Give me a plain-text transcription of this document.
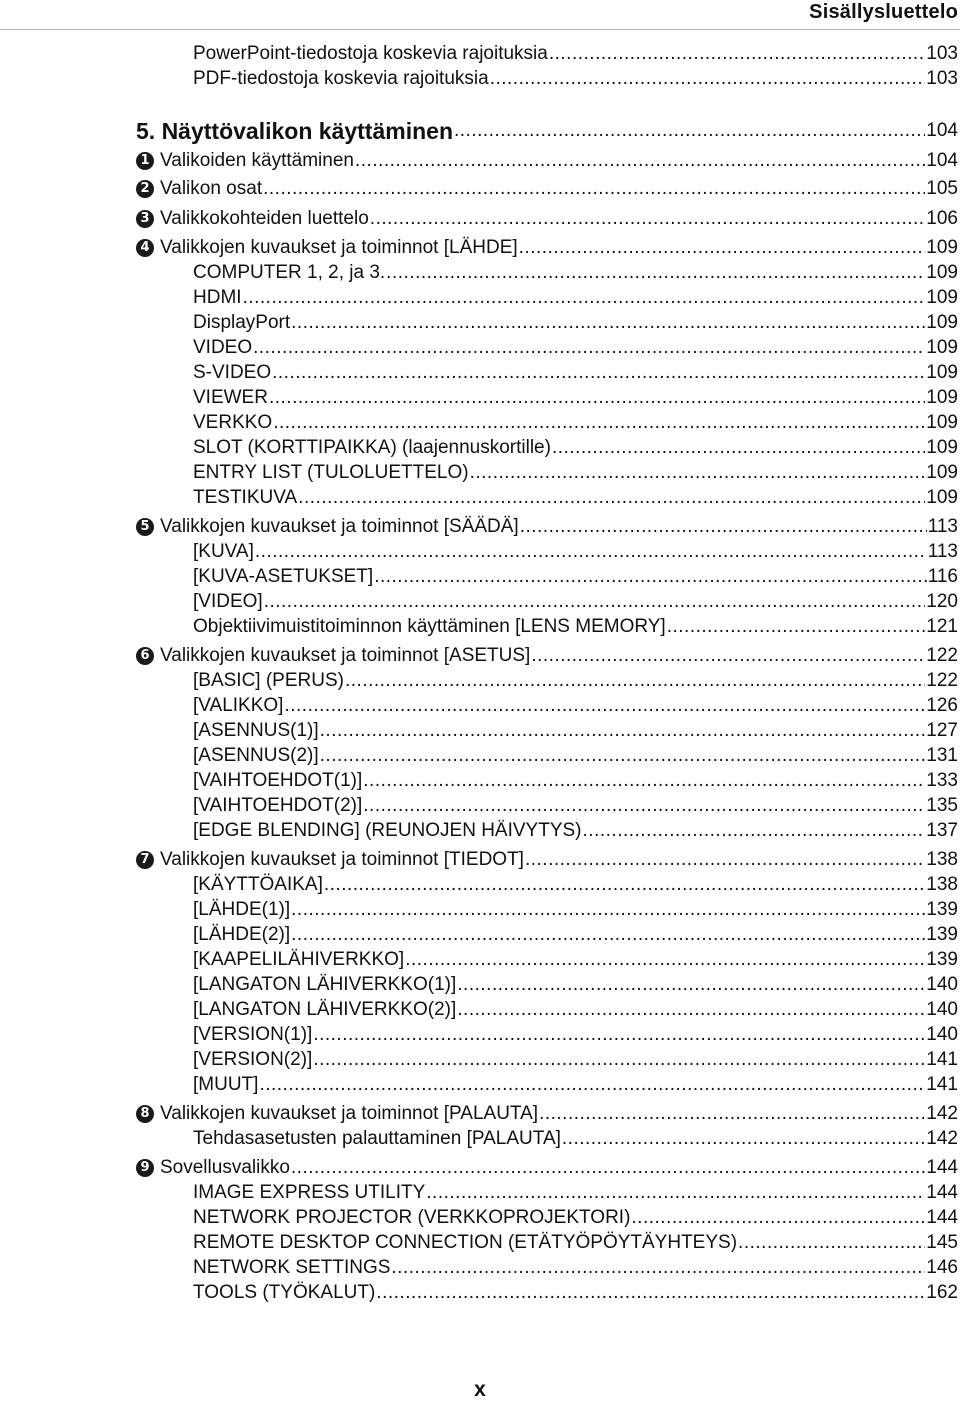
Sisällysluettelo
PowerPoint-tiedostoja koskevia rajoituksia .....	103
PDF-tiedostoja koskevia rajoituksia .....	103
5. Näyttövalikon käyttäminen .....	104
Valikoiden käyttäminen .....	104
1
Valikon osat .....	105
2
Valikkokohteiden luettelo .....	106
3
Valikkojen kuvaukset ja toiminnot [LÄHDE] .....	109
4
COMPUTER 1, 2, ja 3. .....	109
HDMI .....	109
DisplayPort .....	109
VIDEO .....	109
S-VIDEO .....	109
VIEWER .....	109
VERKKO .....	109
SLOT (KORTTIPAIKKA) (laajennuskortille) .....	109
ENTRY LIST (TULOLUETTELO) .....	109
TESTIKUVA .....	109
Valikkojen kuvaukset ja toiminnot [SÄÄDÄ] .....	113
5
[KUVA] .....	113
[KUVA-ASETUKSET] .....	116
[VIDEO] .....	120
Objektiivimuistitoiminnon käyttäminen [LENS MEMORY] .....	121
Valikkojen kuvaukset ja toiminnot [ASETUS] .....	122
6
[BASIC] (PERUS) .....	122
[VALIKKO] .....	126
[ASENNUS(1)] .....	127
[ASENNUS(2)] .....	131
[VAIHTOEHDOT(1)] .....	133
[VAIHTOEHDOT(2)] .....	135
[EDGE BLENDING] (REUNOJEN HÄIVYTYS) .....	137
Valikkojen kuvaukset ja toiminnot [TIEDOT] .....	138
7
[KÄYTTÖAIKA] .....	138
[LÄHDE(1)] .....	139
[LÄHDE(2)] .....	139
[KAAPELILÄHIVERKKO] .....	139
[LANGATON LÄHIVERKKO(1)] .....	140
[LANGATON LÄHIVERKKO(2)] .....	140
[VERSION(1)] .....	140
[VERSION(2)] .....	141
[MUUT] .....	141
Valikkojen kuvaukset ja toiminnot [PALAUTA] .....	142
8
Tehdasasetusten palauttaminen [PALAUTA] .....	142
Sovellusvalikko .....	144
9
IMAGE EXPRESS UTILITY .....	144
NETWORK PROJECTOR (VERKKOPROJEKTORI) .....	144
REMOTE DESKTOP CONNECTION (ETÄTYÖPÖYTÄYHTEYS) .....	145
NETWORK SETTINGS .....	146
TOOLS (TYÖKALUT) .....	162
x
